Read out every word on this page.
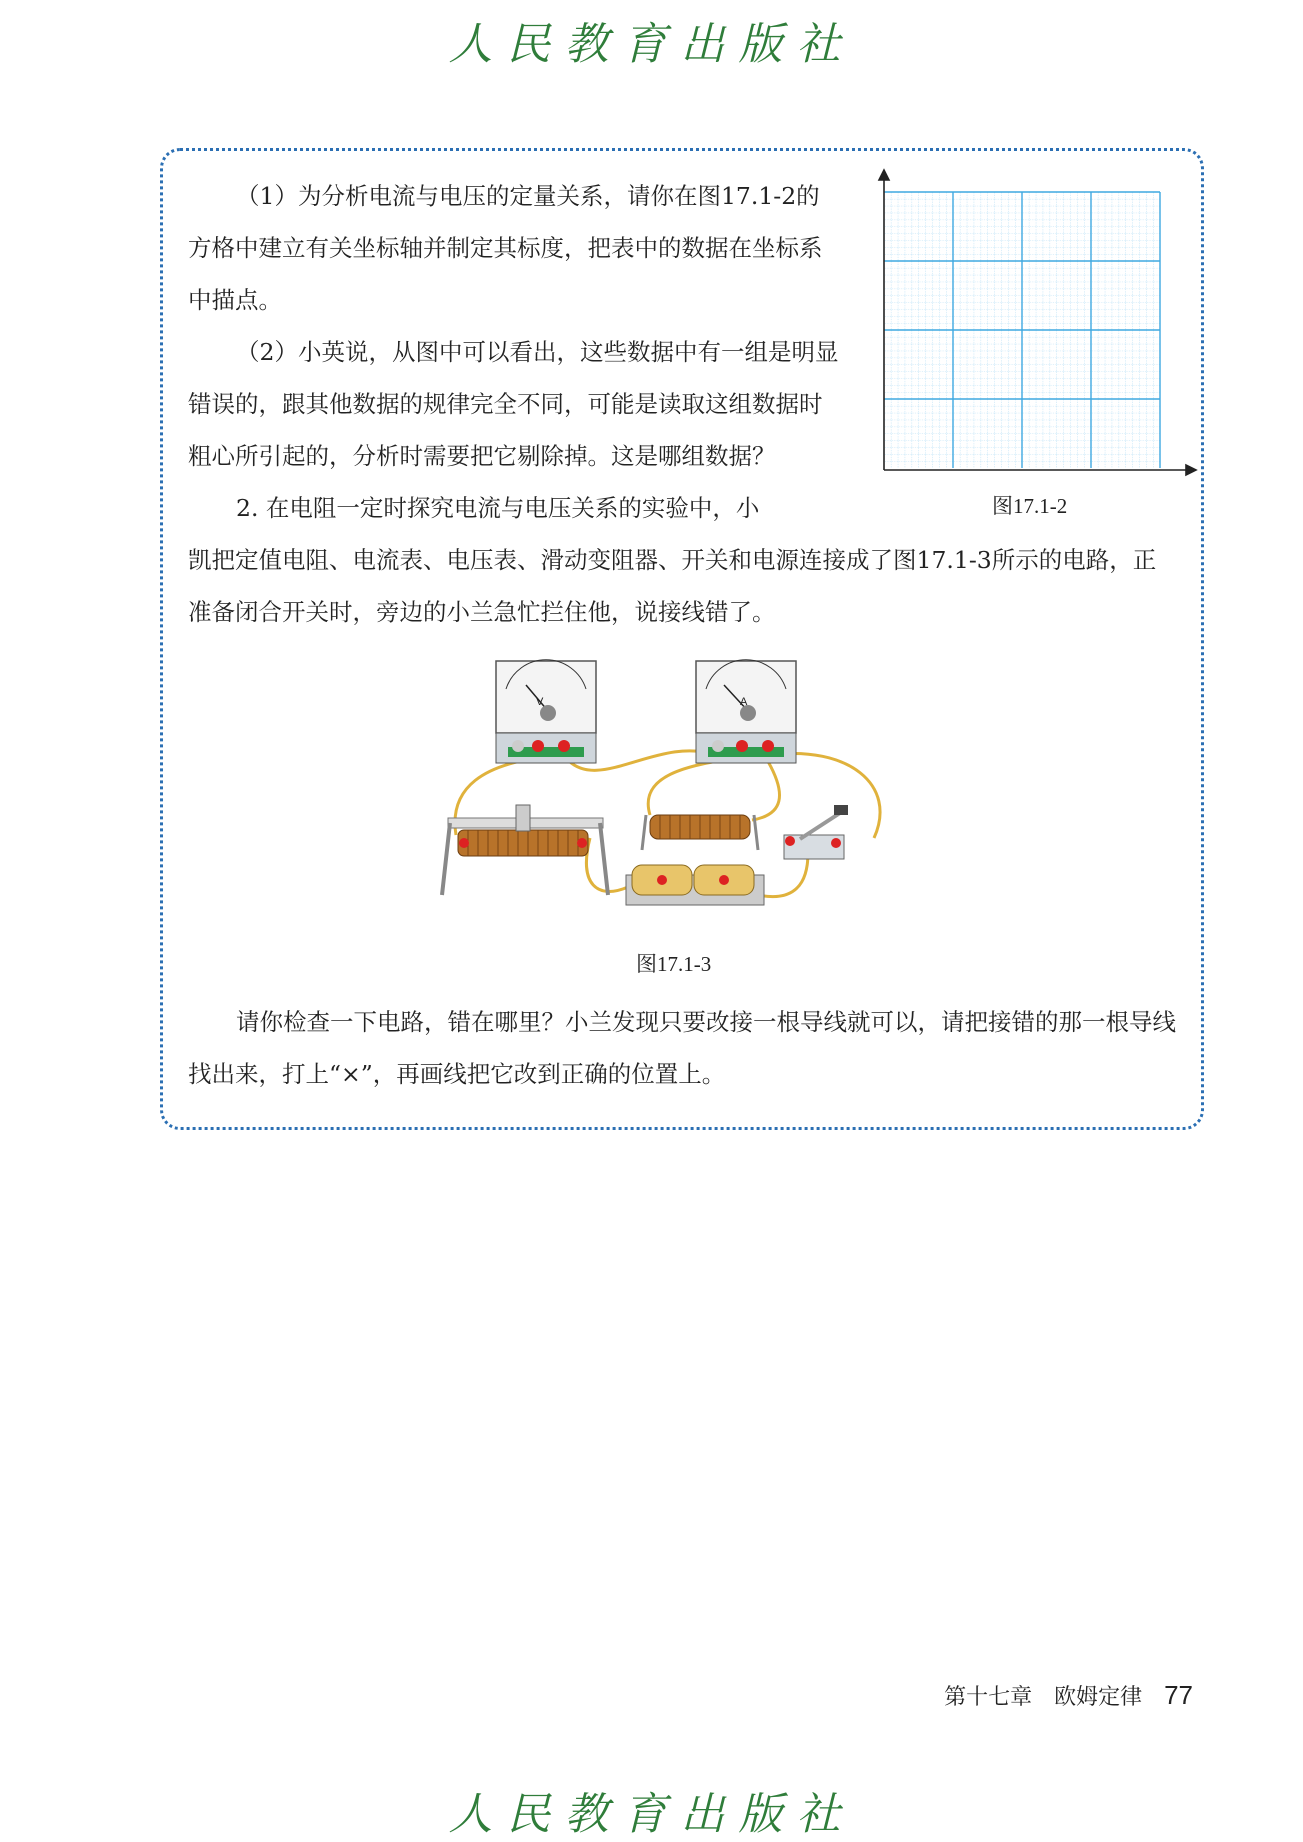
人民教育出版社

（1）为分析电流与电压的定量关系，请你在图17.1-2的方格中建立有关坐标轴并制定其标度，把表中的数据在坐标系中描点。

（2）小英说，从图中可以看出，这些数据中有一组是明显错误的，跟其他数据的规律完全不同，可能是读取这组数据时粗心所引起的，分析时需要把它剔除掉。这是哪组数据？

2. 在电阻一定时探究电流与电压关系的实验中，小

凯把定值电阻、电流表、电压表、滑动变阻器、开关和电源连接成了图17.1-3所示的电路，正准备闭合开关时，旁边的小兰急忙拦住他，说接线错了。

图17.1-2
V	A
图17.1-3

请你检查一下电路，错在哪里？小兰发现只要改接一根导线就可以，请把接错的那一根导线找出来，打上“×”，再画线把它改到正确的位置上。

第十七章　欧姆定律 77
人民教育出版社
